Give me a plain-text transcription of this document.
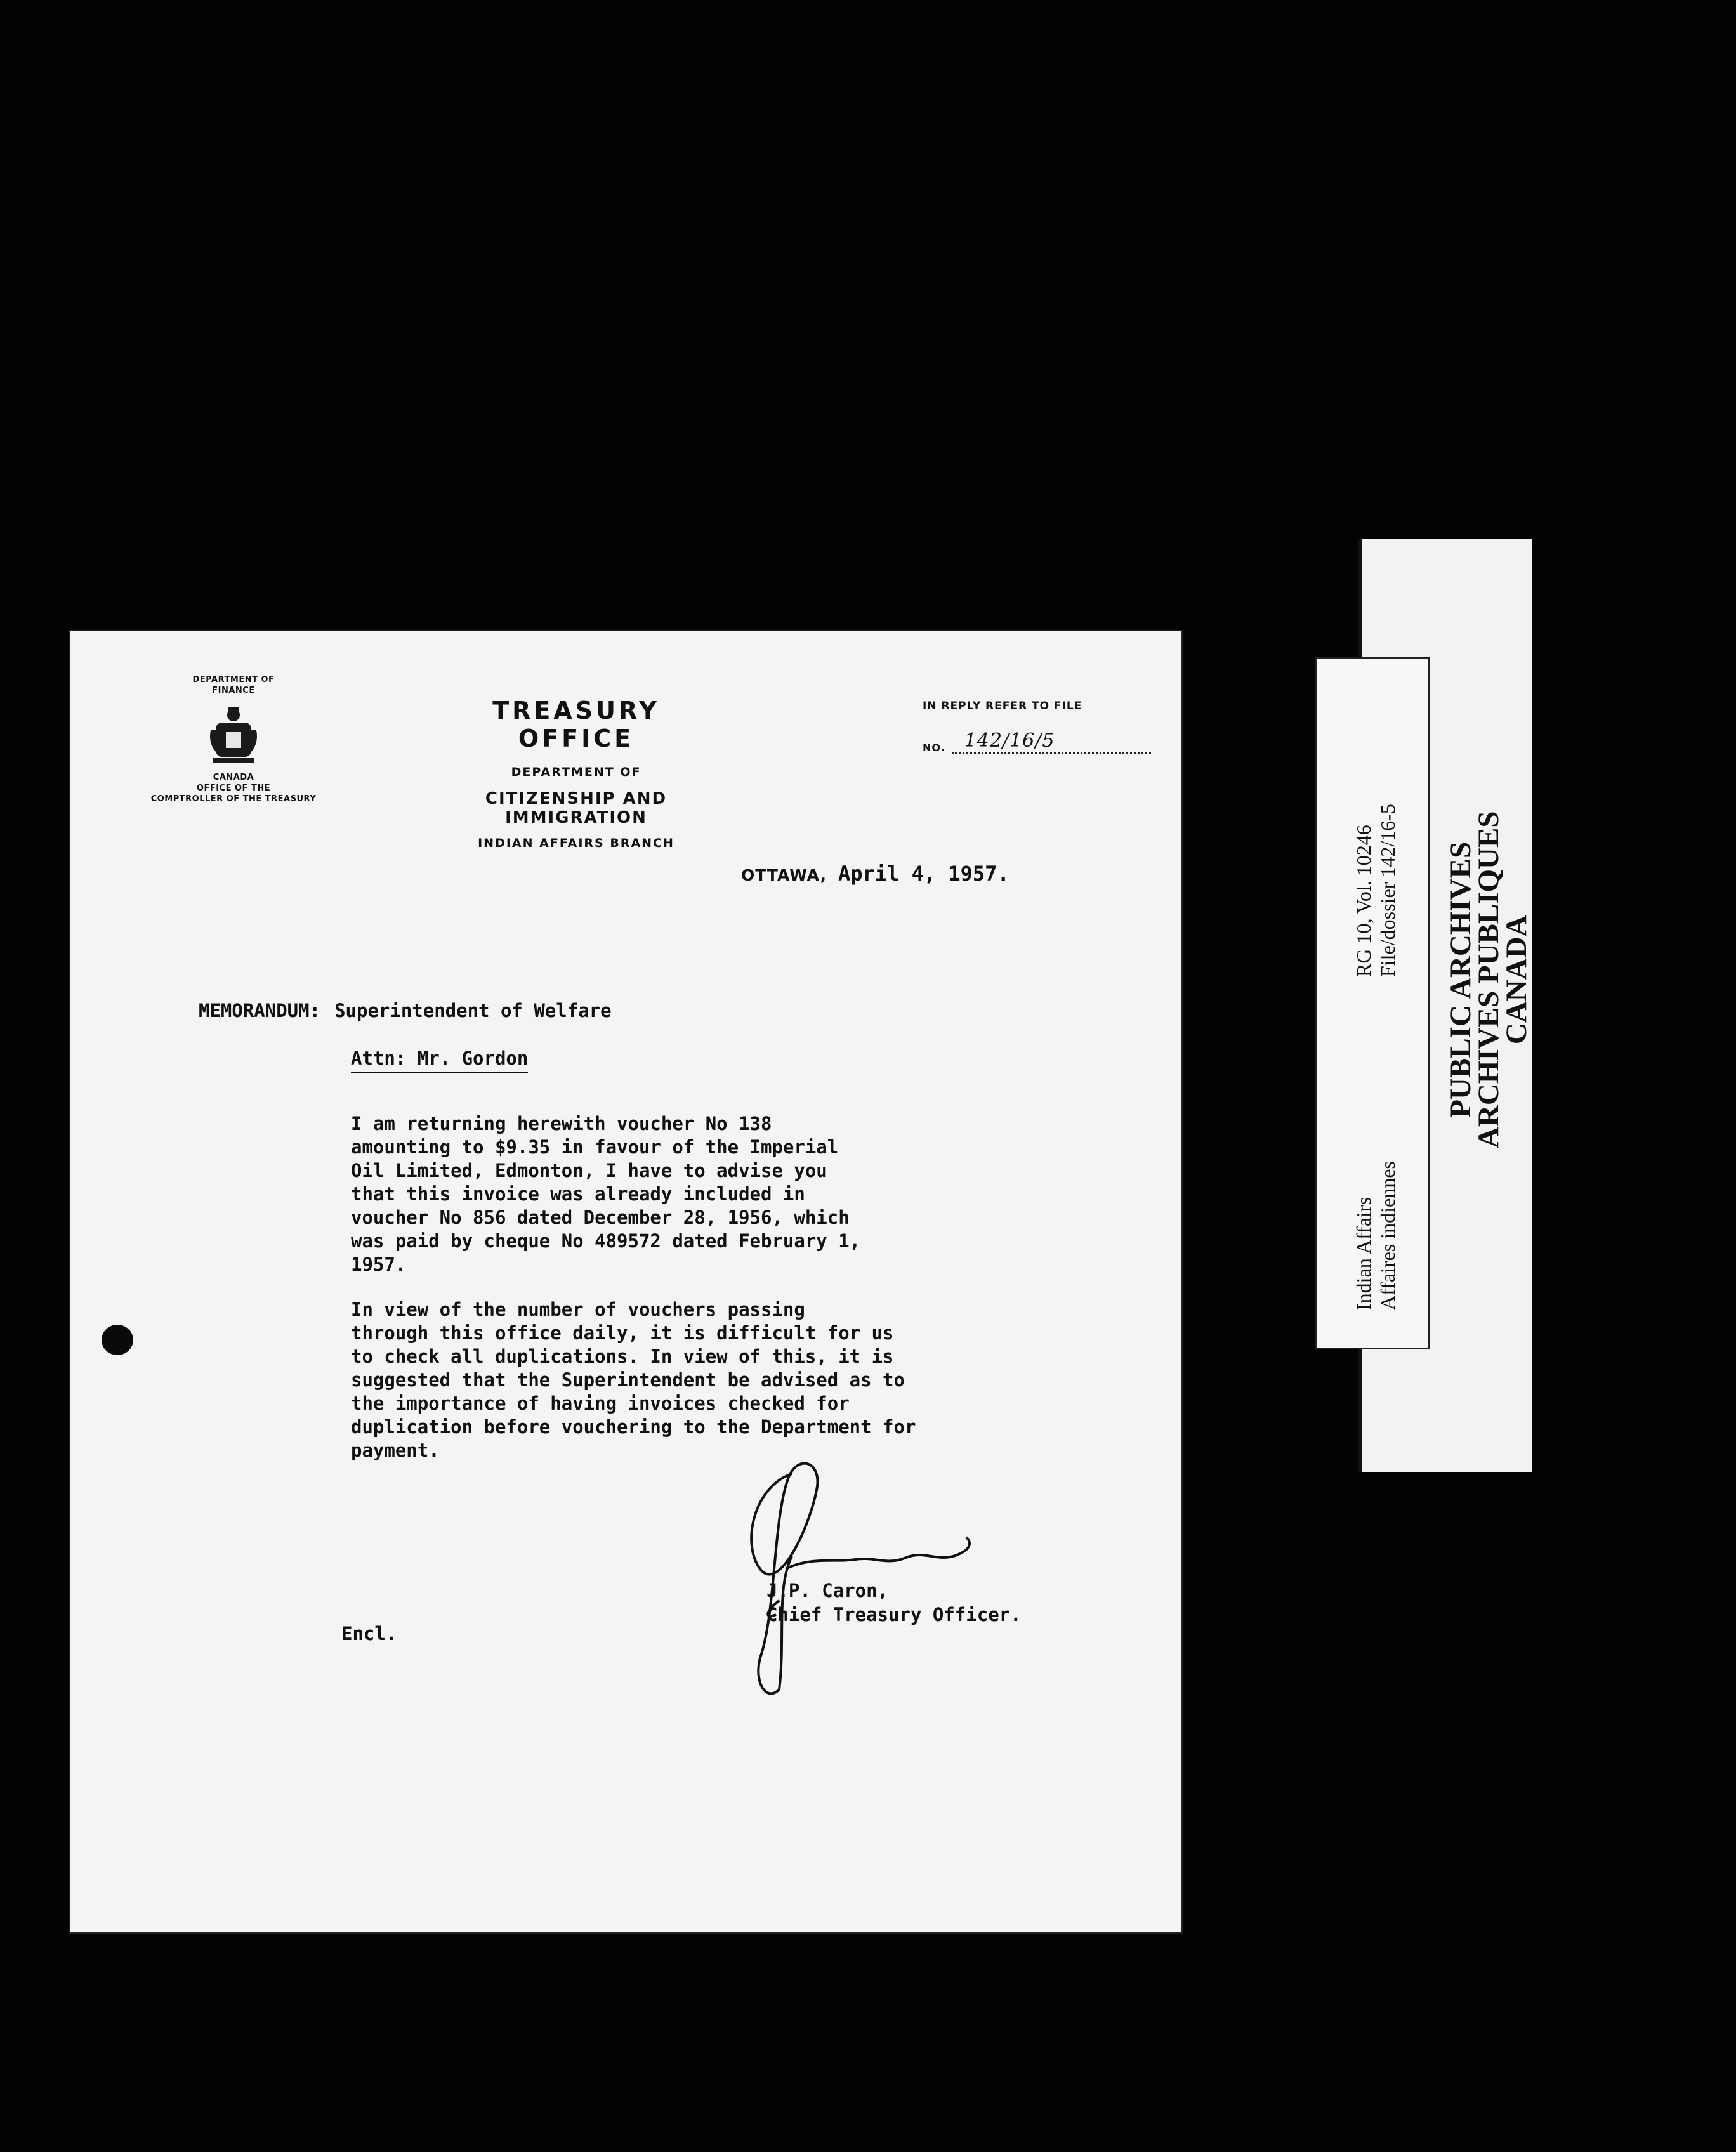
DEPARTMENT OF
FINANCE
CANADA
OFFICE OF THE
COMPTROLLER OF THE TREASURY
TREASURY OFFICE
DEPARTMENT OF
CITIZENSHIP AND IMMIGRATION
INDIAN AFFAIRS BRANCH
IN REPLY REFER TO FILE
NO.	142/16/5
OTTAWA, April 4, 1957.
MEMORANDUM: Superintendent of Welfare
Attn: Mr. Gordon
I am returning herewith voucher No 138
amounting to $9.35 in favour of the Imperial
Oil Limited, Edmonton, I have to advise you
that this invoice was already included in
voucher No 856 dated December 28, 1956, which
was paid by cheque No 489572 dated February 1,
1957.
In view of the number of vouchers passing
through this office daily, it is difficult for us
to check all duplications. In view of this, it is
suggested that the Superintendent be advised as to
the importance of having invoices checked for
duplication before vouchering to the Department for
payment.
J.P. Caron,
Chief Treasury Officer.
Encl.
Indian Affairs Affaires indiennes
RG 10, Vol. 10246 File/dossier 142/16-5 PUBLIC ARCHIVES
ARCHIVES PUBLIQUES
CANADA
